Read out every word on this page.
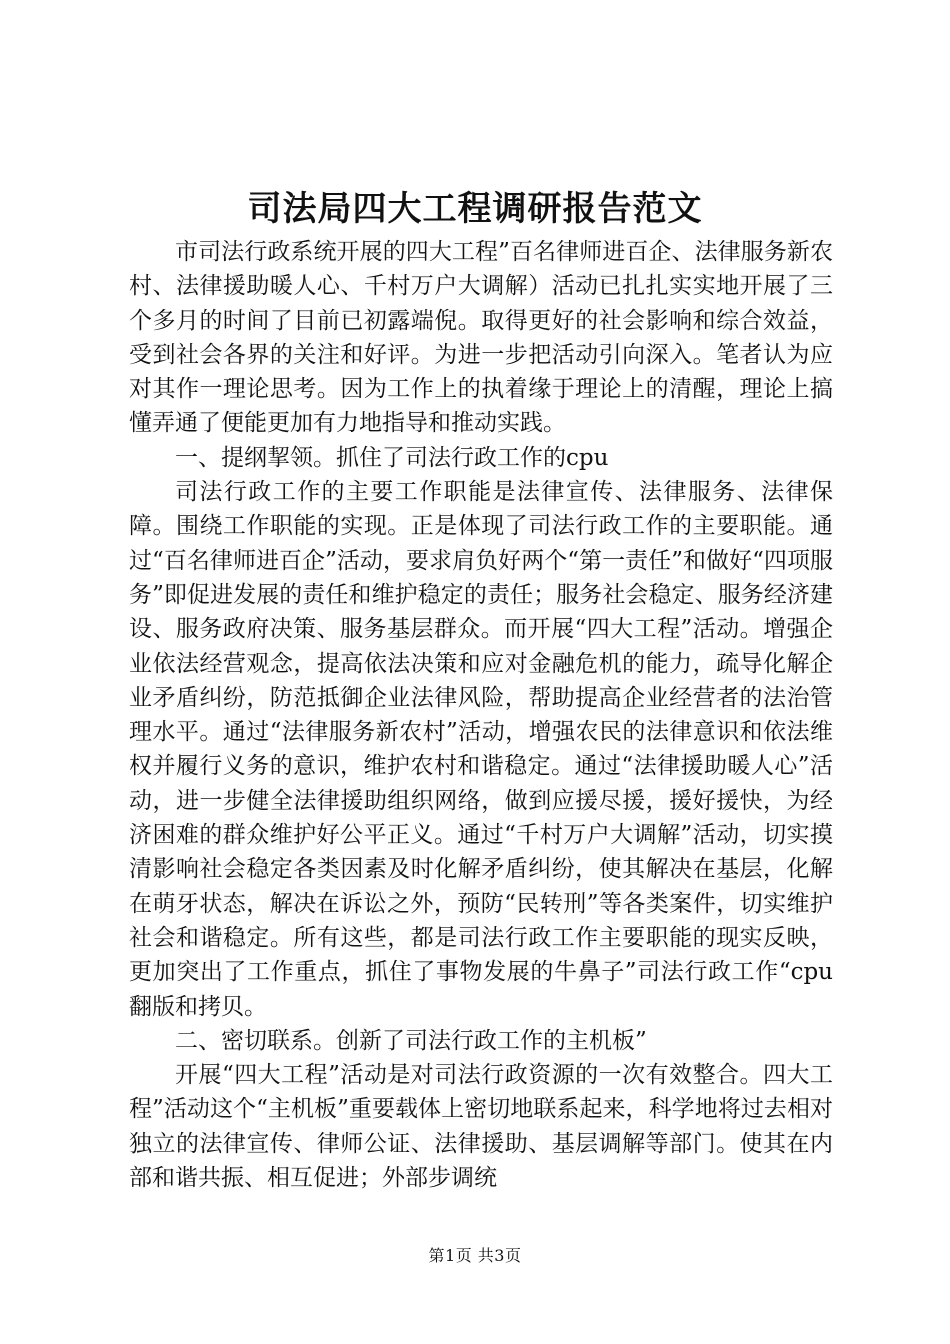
司法局四大工程调研报告范文

市司法行政系统开展的四大工程”百名律师进百企、法律服务新农村、法律援助暖人心、千村万户大调解）活动已扎扎实实地开展了三个多月的时间了目前已初露端倪。取得更好的社会影响和综合效益，受到社会各界的关注和好评。为进一步把活动引向深入。笔者认为应对其作一理论思考。因为工作上的执着缘于理论上的清醒，理论上搞懂弄通了便能更加有力地指导和推动实践。

一、提纲挈领。抓住了司法行政工作的cpu

司法行政工作的主要工作职能是法律宣传、法律服务、法律保障。围绕工作职能的实现。正是体现了司法行政工作的主要职能。通过“百名律师进百企”活动，要求肩负好两个“第一责任”和做好“四项服务”即促进发展的责任和维护稳定的责任；服务社会稳定、服务经济建设、服务政府决策、服务基层群众。而开展“四大工程”活动。增强企业依法经营观念，提高依法决策和应对金融危机的能力，疏导化解企业矛盾纠纷，防范抵御企业法律风险，帮助提高企业经营者的法治管理水平。通过“法律服务新农村”活动，增强农民的法律意识和依法维权并履行义务的意识，维护农村和谐稳定。通过“法律援助暖人心”活动，进一步健全法律援助组织网络，做到应援尽援，援好援快，为经济困难的群众维护好公平正义。通过“千村万户大调解”活动，切实摸清影响社会稳定各类因素及时化解矛盾纠纷，使其解决在基层，化解在萌牙状态，解决在诉讼之外，预防“民转刑”等各类案件，切实维护社会和谐稳定。所有这些，都是司法行政工作主要职能的现实反映，更加突出了工作重点，抓住了事物发展的牛鼻子”司法行政工作“cpu翻版和拷贝。

二、密切联系。创新了司法行政工作的主机板”

开展“四大工程”活动是对司法行政资源的一次有效整合。四大工程”活动这个“主机板”重要载体上密切地联系起来，科学地将过去相对独立的法律宣传、律师公证、法律援助、基层调解等部门。使其在内部和谐共振、相互促进；外部步调统

第1页 共3页
